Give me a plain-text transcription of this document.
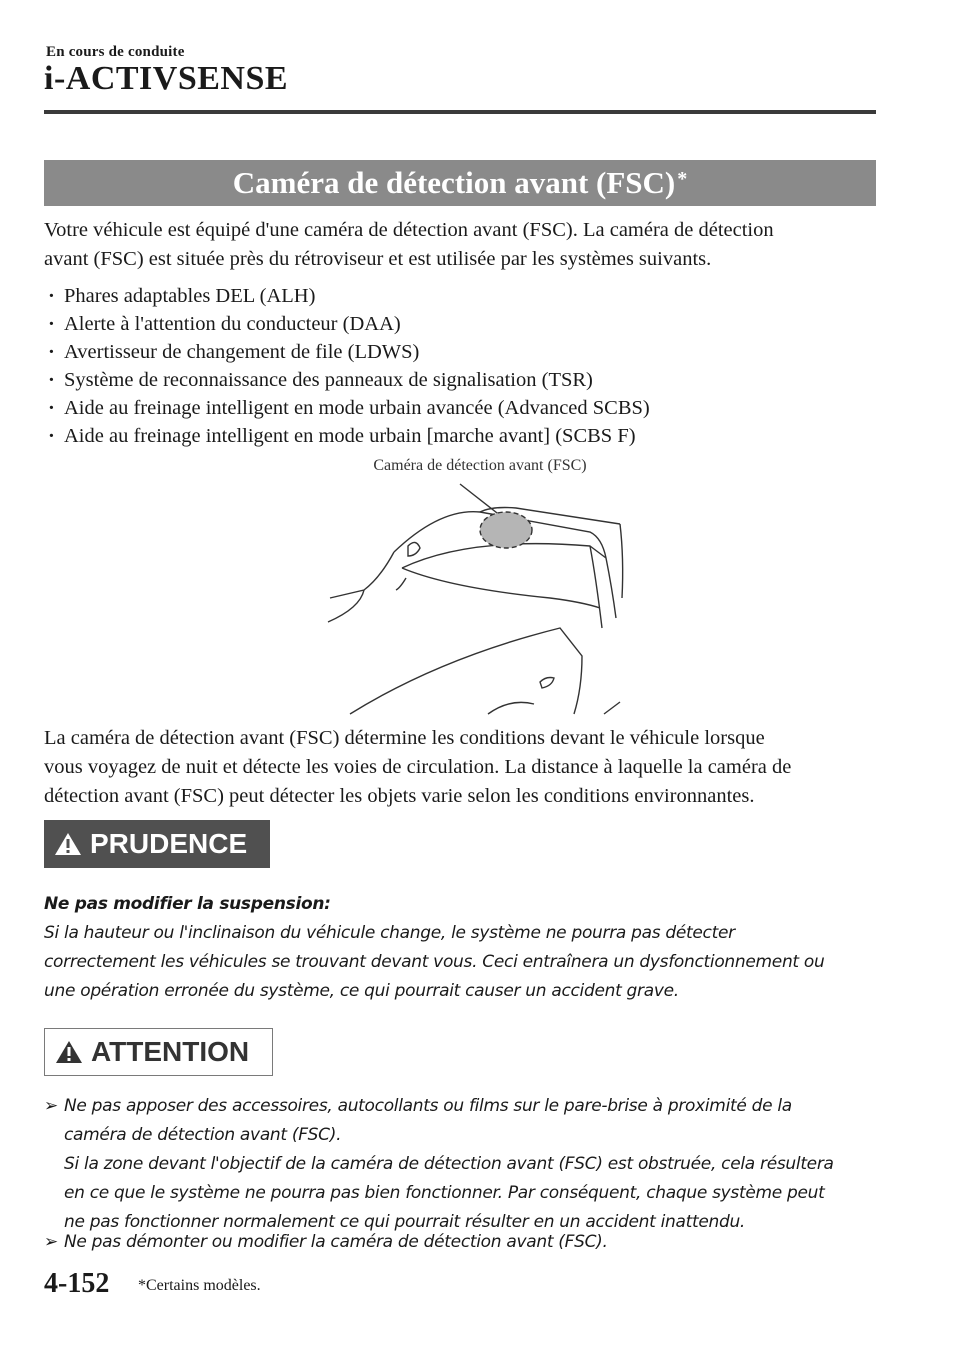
En cours de conduite
i-ACTIVSENSE
Caméra de détection avant (FSC)*
Votre véhicule est équipé d'une caméra de détection avant (FSC). La caméra de détection
avant (FSC) est située près du rétroviseur et est utilisée par les systèmes suivants.
· Phares adaptables DEL (ALH)
· Alerte à l'attention du conducteur (DAA)
· Avertisseur de changement de file (LDWS)
· Système de reconnaissance des panneaux de signalisation (TSR)
· Aide au freinage intelligent en mode urbain avancée (Advanced SCBS)
· Aide au freinage intelligent en mode urbain [marche avant] (SCBS F)
Caméra de détection avant (FSC)
La caméra de détection avant (FSC) détermine les conditions devant le véhicule lorsque
vous voyagez de nuit et détecte les voies de circulation. La distance à laquelle la caméra de
détection avant (FSC) peut détecter les objets varie selon les conditions environnantes.
PRUDENCE
Ne pas modifier la suspension:
Si la hauteur ou l'inclinaison du véhicule change, le système ne pourra pas détecter
correctement les véhicules se trouvant devant vous. Ceci entraînera un dysfonctionnement ou
une opération erronée du système, ce qui pourrait causer un accident grave.
ATTENTION
➢ Ne pas apposer des accessoires, autocollants ou films sur le pare-brise à proximité de la
caméra de détection avant (FSC).
Si la zone devant l'objectif de la caméra de détection avant (FSC) est obstruée, cela résultera
en ce que le système ne pourra pas bien fonctionner. Par conséquent, chaque système peut
ne pas fonctionner normalement ce qui pourrait résulter en un accident inattendu.
➢ Ne pas démonter ou modifier la caméra de détection avant (FSC).
4-152 *Certains modèles.
